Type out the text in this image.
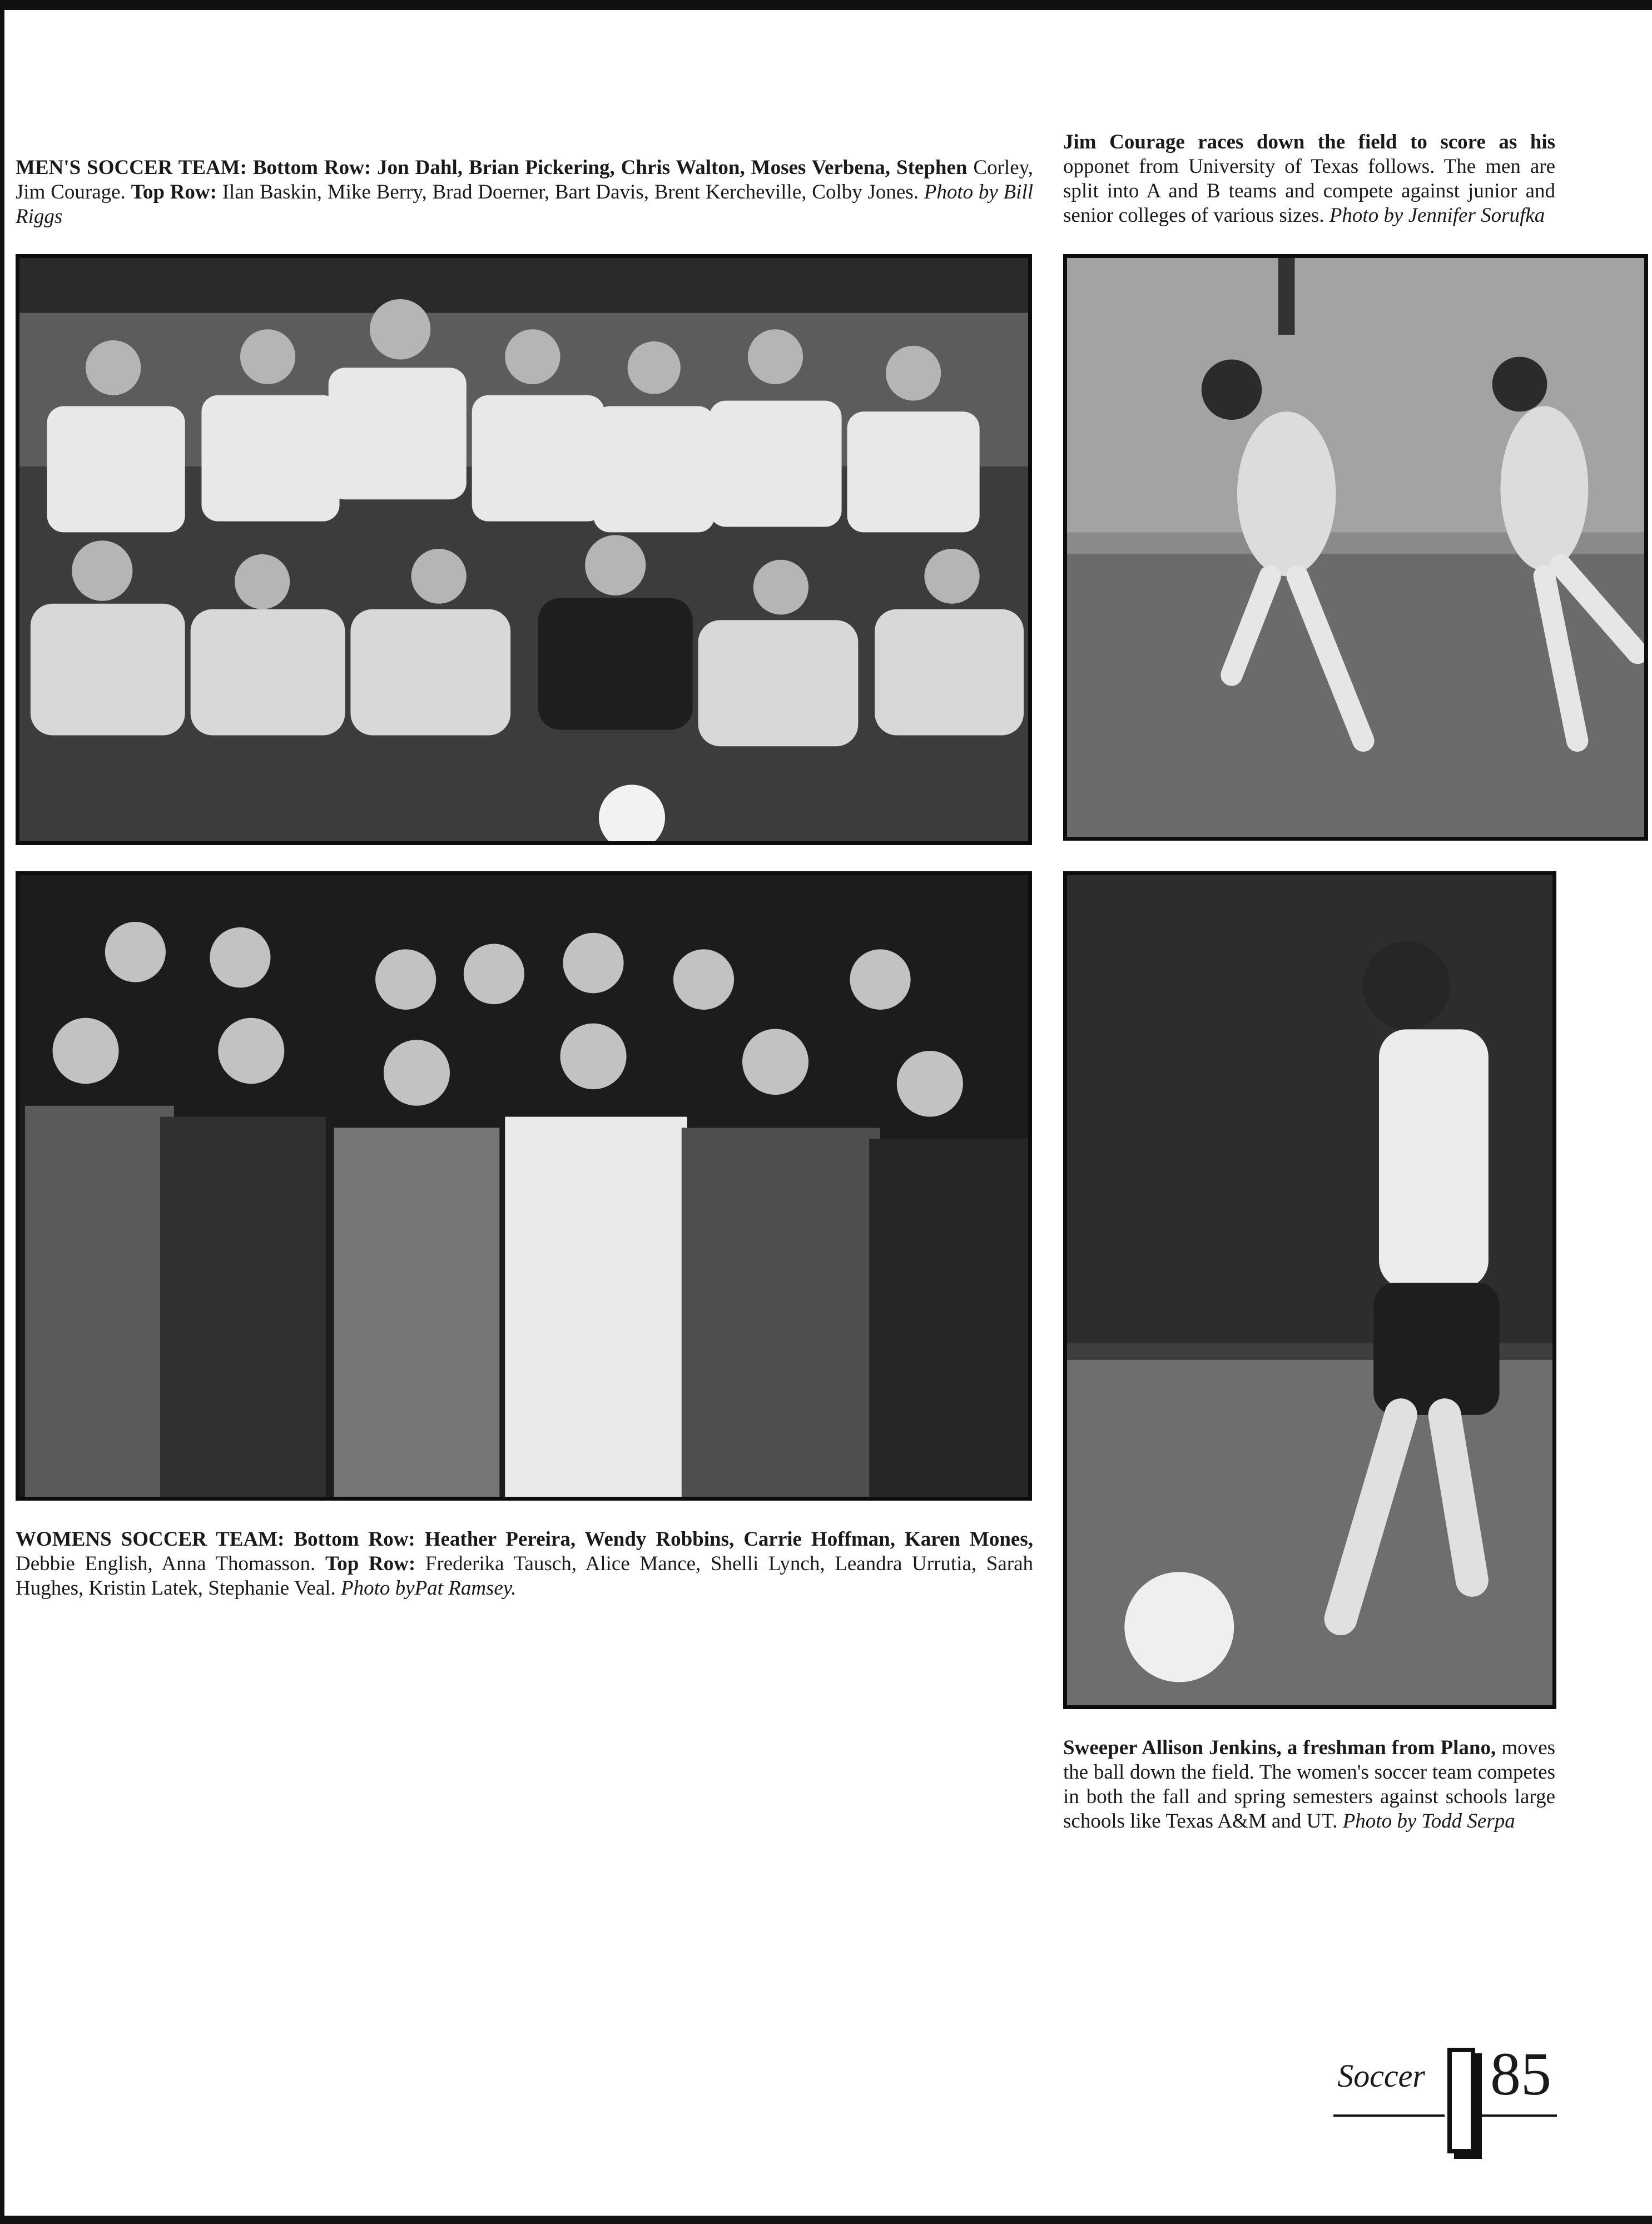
MEN'S SOCCER TEAM: Bottom Row: Jon Dahl, Brian Pickering, Chris Walton, Moses Verbena, Stephen Corley, Jim Courage. Top Row: Ilan Baskin, Mike Berry, Brad Doerner, Bart Davis, Brent Kercheville, Colby Jones. Photo by Bill Riggs
Jim Courage races down the field to score as his opponet from University of Texas follows. The men are split into A and B teams and compete against junior and senior colleges of various sizes. Photo by Jennifer Sorufka
WOMENS SOCCER TEAM: Bottom Row: Heather Pereira, Wendy Robbins, Carrie Hoffman, Karen Mones, Debbie English, Anna Thomasson. Top Row: Frederika Tausch, Alice Mance, Shelli Lynch, Leandra Urrutia, Sarah Hughes, Kristin Latek, Stephanie Veal. Photo byPat Ramsey.
Sweeper Allison Jenkins, a freshman from Plano, moves the ball down the field. The women's soccer team competes in both the fall and spring semesters against schools large schools like Texas A&M and UT. Photo by Todd Serpa
Soccer 85
